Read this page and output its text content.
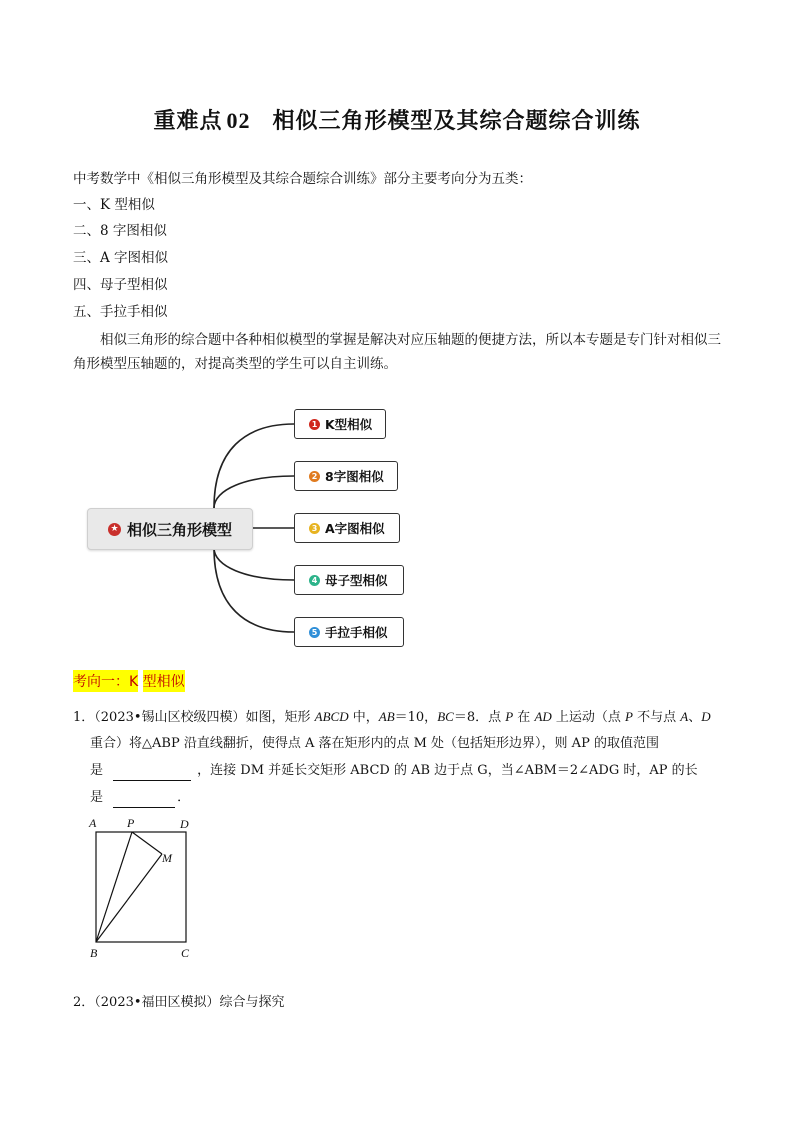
重难点 02 相似三角形模型及其综合题综合训练
中考数学中《相似三角形模型及其综合题综合训练》部分主要考向分为五类：
一、K 型相似
二、8 字图相似
三、A 字图相似
四、母子型相似
五、手拉手相似
相似三角形的综合题中各种相似模型的掌握是解决对应压轴题的便捷方法，所以本专题是专门针对相似三角形模型压轴题的，对提高类型的学生可以自主训练。
★ 相似三角形模型
1 K型相似
2 8字图相似
3 A字图相似
4 母子型相似
5 手拉手相似
考向一：K 型相似
1．（2023•锡山区校级四模）如图，矩形 ABCD 中，AB＝10，BC＝8．点 P 在 AD 上运动（点 P 不与点 A、D
重合）将△ABP 沿直线翻折，使得点 A 落在矩形内的点 M 处（包括矩形边界），则 AP 的取值范围
是	，连接 DM 并延长交矩形 ABCD 的 AB 边于点 G，当∠ABM＝2∠ADG 时，AP 的长
是	．
A	P	D
M
B	C
2．（2023•福田区模拟）综合与探究
